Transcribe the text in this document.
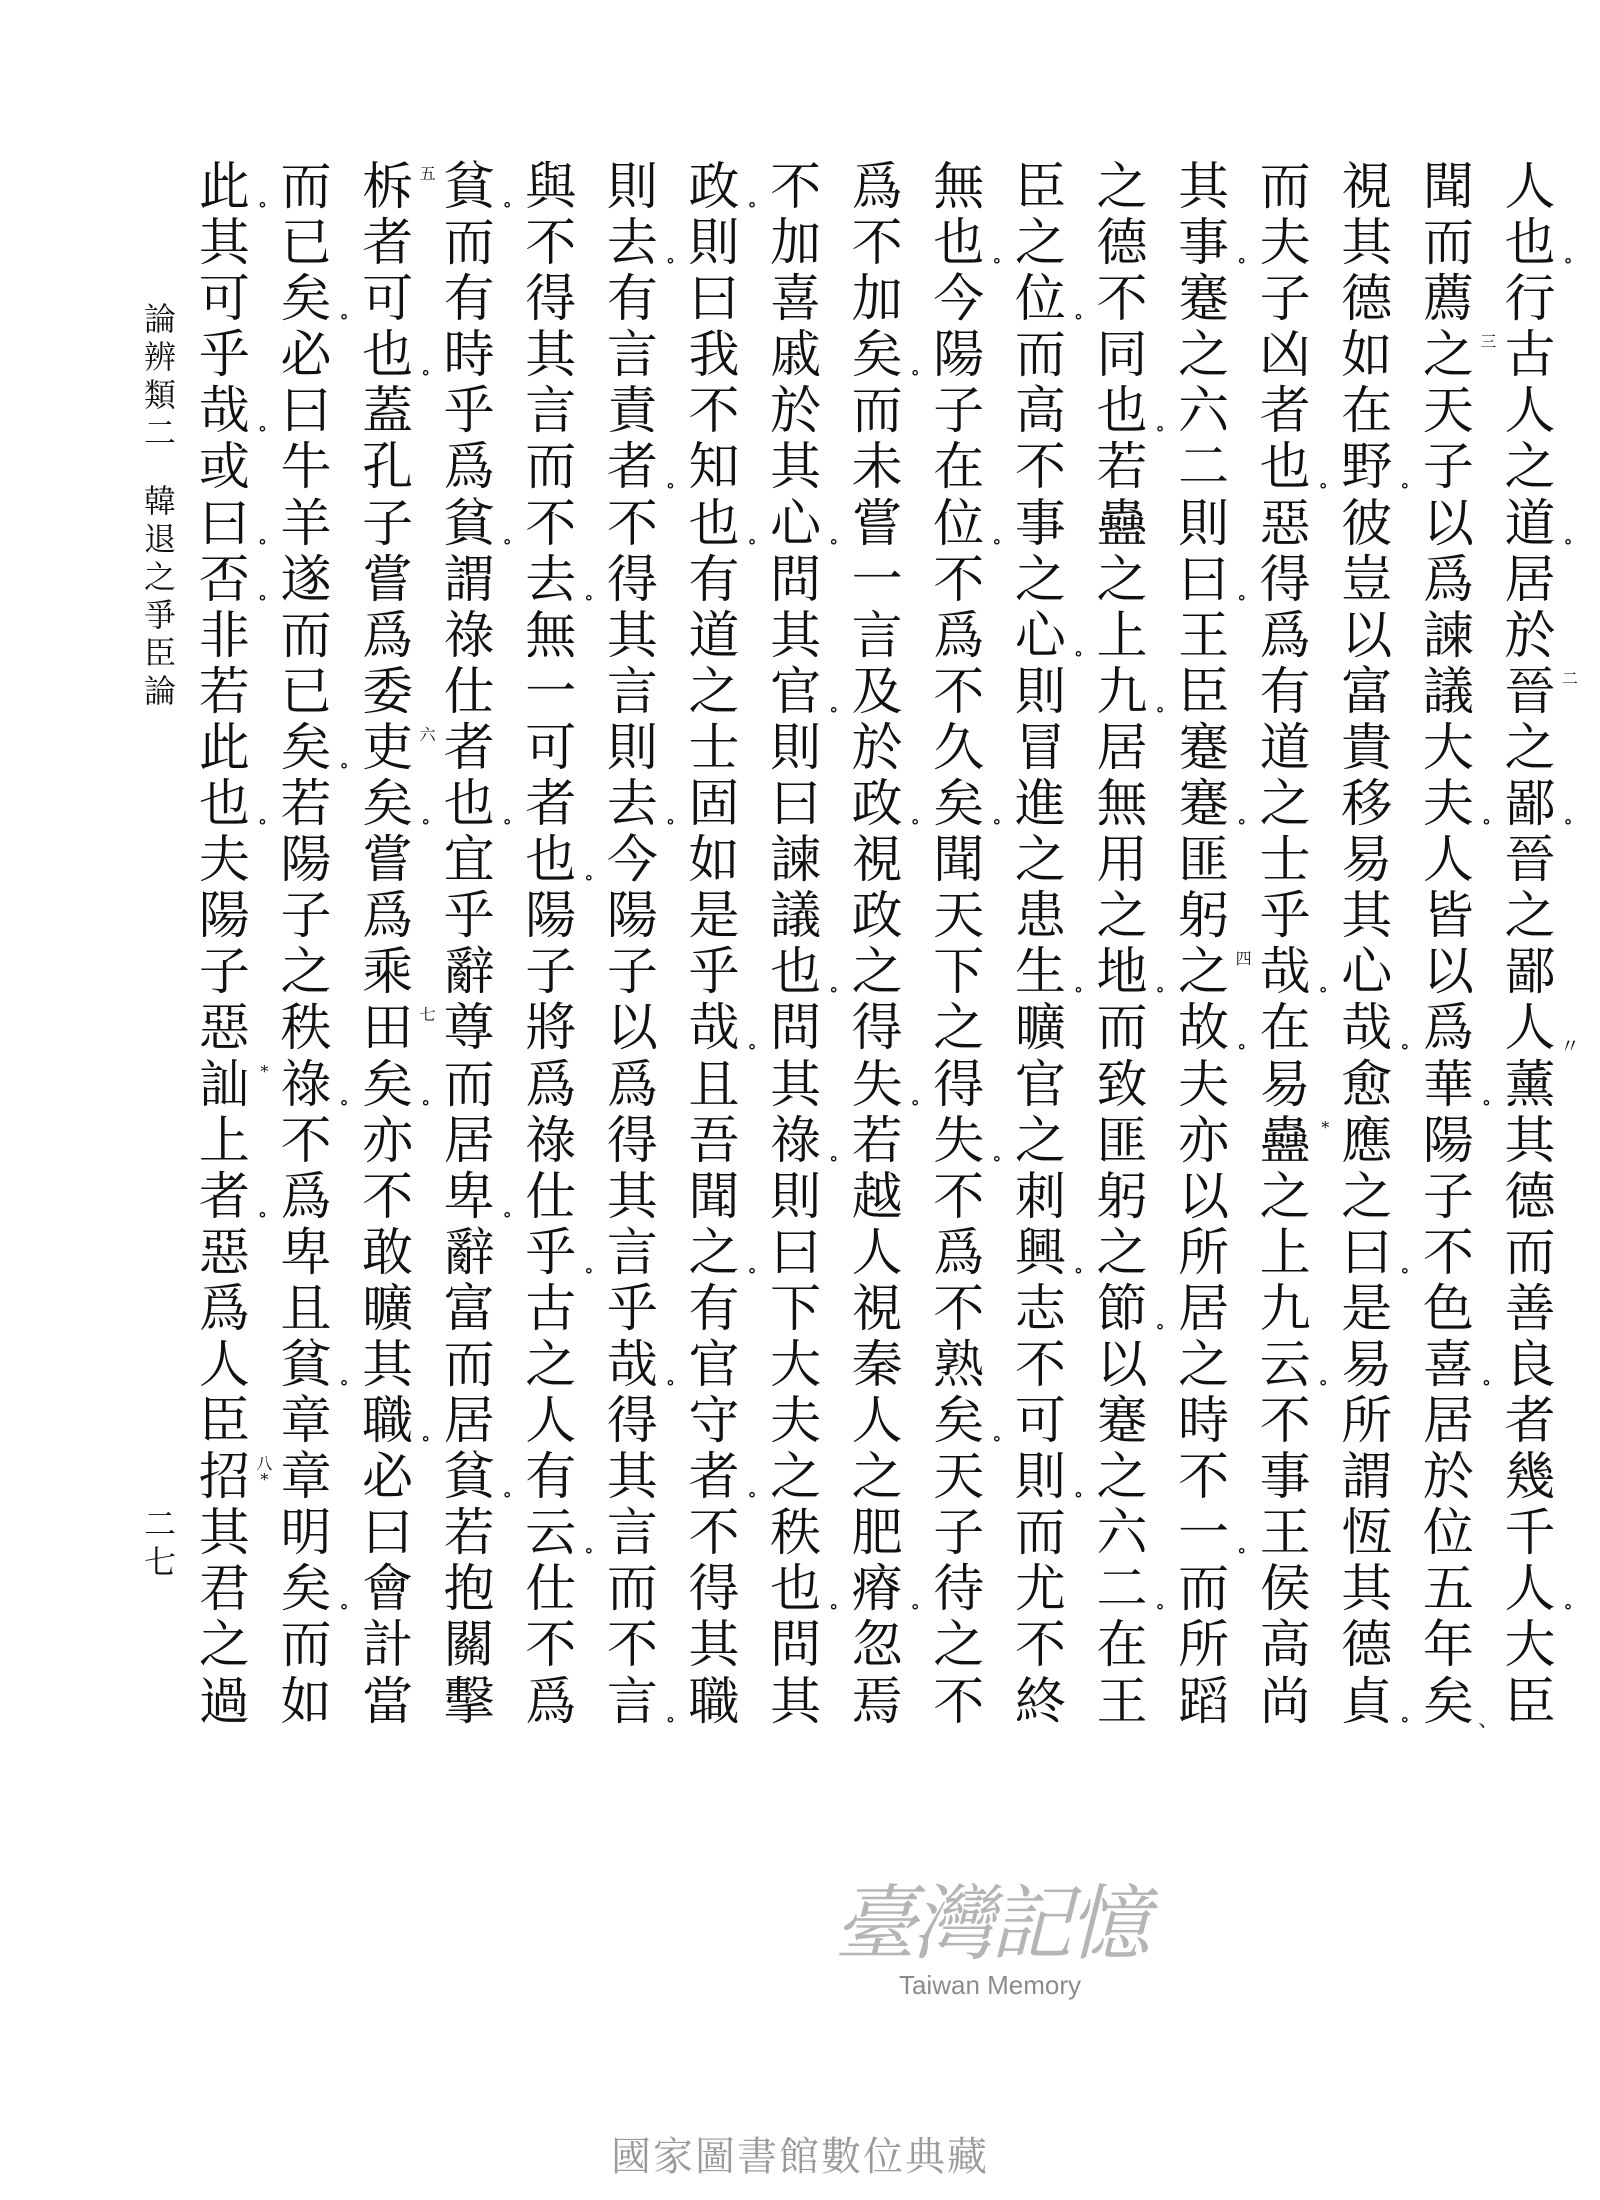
人
也 ∘
行
古
人
之
道 ∘
居
於
晉 二
之
鄙 ∘
晉
之
鄙
人 〃
薰
其
德
而
善
良
者
幾
千
人 ∘
大
臣
聞
而
薦
之 三
天
子
以
爲
諫
議
大
夫 ∘
人
皆
以
爲
華 ∘
陽
子
不
色
喜 ∘
居
於
位
五
年
矣 、
視
其
德
如
在
野 ∘
彼
豈
以
富
貴
移
易
其
心
哉 ∘
愈
應
之
曰 ∘
是
易
所
謂
恆
其
德
貞 ∘
而
夫
子
凶
者
也 ∘
惡
得
爲
有
道
之
士
乎
哉 ∘
在
易
蠱 *
之
上
九
云 ∘
不
事
王
侯
高
尚
其
事 ∘
蹇
之
六
二
則
曰 ∘
王
臣
蹇
蹇 ∘
匪
躬
之 四
故 ∘
夫
亦
以
所
居
之
時
不
一 ∘
而
所
蹈
之
德
不
同
也 ∘
若
蠱
之
上
九 ∘
居
無
用
之
地 ∘
而
致
匪
躬
之
節 ∘
以
蹇
之
六
二 ∘
在
王
臣
之
位 ∘
而
高
不
事
之
心 ∘
則
冒
進
之
患
生 ∘
曠
官
之
刺
興 ∘
志
不
可
則 ∘
而
尤
不
終
無
也 ∘
今
陽
子
在
位 ∘
不
爲
不
久
矣 ∘
聞
天
下
之
得
失 ∘
不
爲
不
熟
矣 ∘
天
子
待
之
不
爲
不
加
矣 ∘
而
未
嘗
一
言
及
於
政 ∘
視
政
之
得
失 ∘
若
越
人
視
秦
人
之
肥
瘠 ∘
忽
焉
不
加
喜
戚
於
其
心 ∘
問
其
官 ∘
則
曰
諫
議
也 ∘
問
其
祿 ∘
則
曰
下
大
夫
之
秩
也 ∘
問
其
政 ∘
則
曰
我
不
知
也 ∘
有
道
之
士
固
如
是
乎
哉 ∘
且
吾
聞
之 ∘
有
官
守
者 ∘
不
得
其
職
則
去 ∘
有
言
責
者 ∘
不
得
其
言
則
去 ∘
今
陽
子
以
爲
得
其
言
乎
哉 ∘
得
其
言
而
不
言 ∘
與
不
得
其
言
而
不
去 ∘
無
一
可
者
也 ∘
陽
子
將
爲
祿
仕
乎 ∘
古
之
人
有
云 ∘
仕
不
爲
貧 ∘
而
有
時
乎
爲
貧 ∘
謂
祿
仕
者
也 ∘
宜
乎
辭
尊
而
居
卑 ∘
辭
富
而
居
貧 ∘
若
抱
關
擊
柝 五
者
可
也 ∘
蓋
孔
子
嘗
爲
委
吏 六
矣 ∘
嘗
爲
乘
田 七
矣 ∘
亦
不
敢
曠
其
職 ∘
必
曰
會
計
當
而
已
矣 ∘
必
曰
牛
羊
遂
而
已
矣 ∘
若
陽
子
之
秩
祿 ∘
不
爲
卑
且
貧 ∘
章
章
明
矣 ∘
而
如
此 ∘
其
可
乎
哉 ∘
或
曰 ∘
否 ∘
非
若
此
也 ∘
夫
陽
子
惡
訕 *
上
者 ∘
惡
爲
人
臣
招 八*
其
君
之
過
論
辨
類
二

韓
退
之
爭
臣
論
二
七
臺灣記憶
Taiwan Memory
國家圖書館數位典藏
